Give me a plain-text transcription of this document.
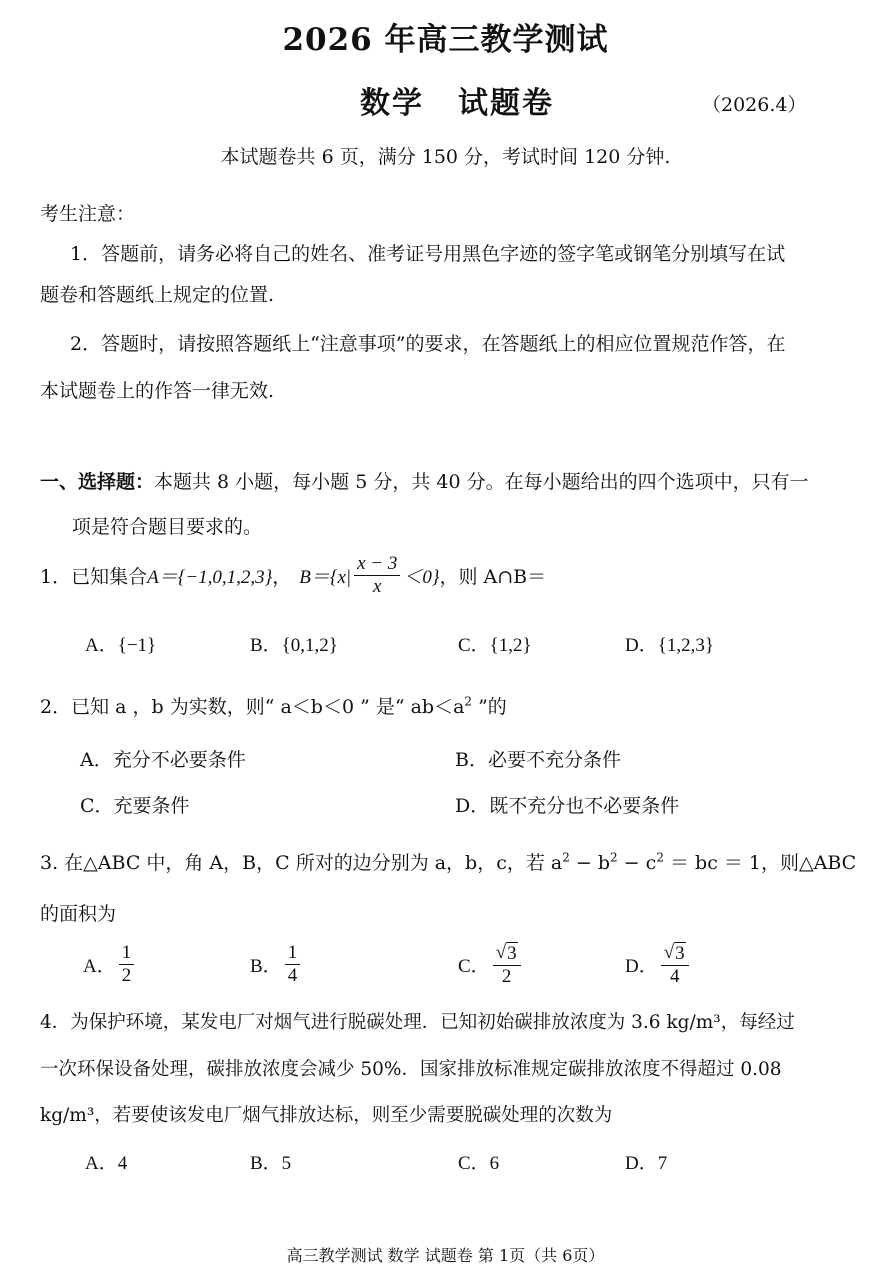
2026 年高三教学测试
数学 试题卷	（2026.4）
本试题卷共 6 页，满分 150 分，考试时间 120 分钟.
考生注意：
1．答题前，请务必将自己的姓名、准考证号用黑色字迹的签字笔或钢笔分别填写在试
题卷和答题纸上规定的位置.
2．答题时，请按照答题纸上“注意事项”的要求，在答题纸上的相应位置规范作答，在
本试题卷上的作答一律无效.
一、选择题：本题共 8 小题，每小题 5 分，共 40 分。在每小题给出的四个选项中，只有一
项是符合题目要求的。
1． 已知集合 A＝{−1,0,1,2,3} ， $B=\{x| \frac{x - 3}{x} <0\}$ ，则 A∩B＝
A．{−1}	B．{0,1,2}	C．{1,2}	D．{1,2,3}
2．已知 a ，b 为实数，则“ a＜b＜0 ” 是“ $ab<a^2$ ”的
A．充分不必要条件	B．必要不充分条件
C．充要条件	D．既不充分也不必要条件
3. 在△ABC 中，角 A，B，C 所对的边分别为 a，b，c，若 $a^2 - b^2 - c^2$ ＝ bc ＝ 1，则△ABC
的面积为
A． $\frac{1}{2}$	B． $\frac{1}{4}$	C． $\frac{√ 3}{2}$	D． $\frac{√ 3}{4}$
4．为保护环境，某发电厂对烟气进行脱碳处理．已知初始碳排放浓度为 3.6 kg/m³，每经过
一次环保设备处理，碳排放浓度会减少 50%．国家排放标准规定碳排放浓度不得超过 0.08
kg/m³，若要使该发电厂烟气排放达标，则至少需要脱碳处理的次数为
A．4	B．5	C．6	D．7
高三教学测试 数学 试题卷 第 1页（共 6页）
